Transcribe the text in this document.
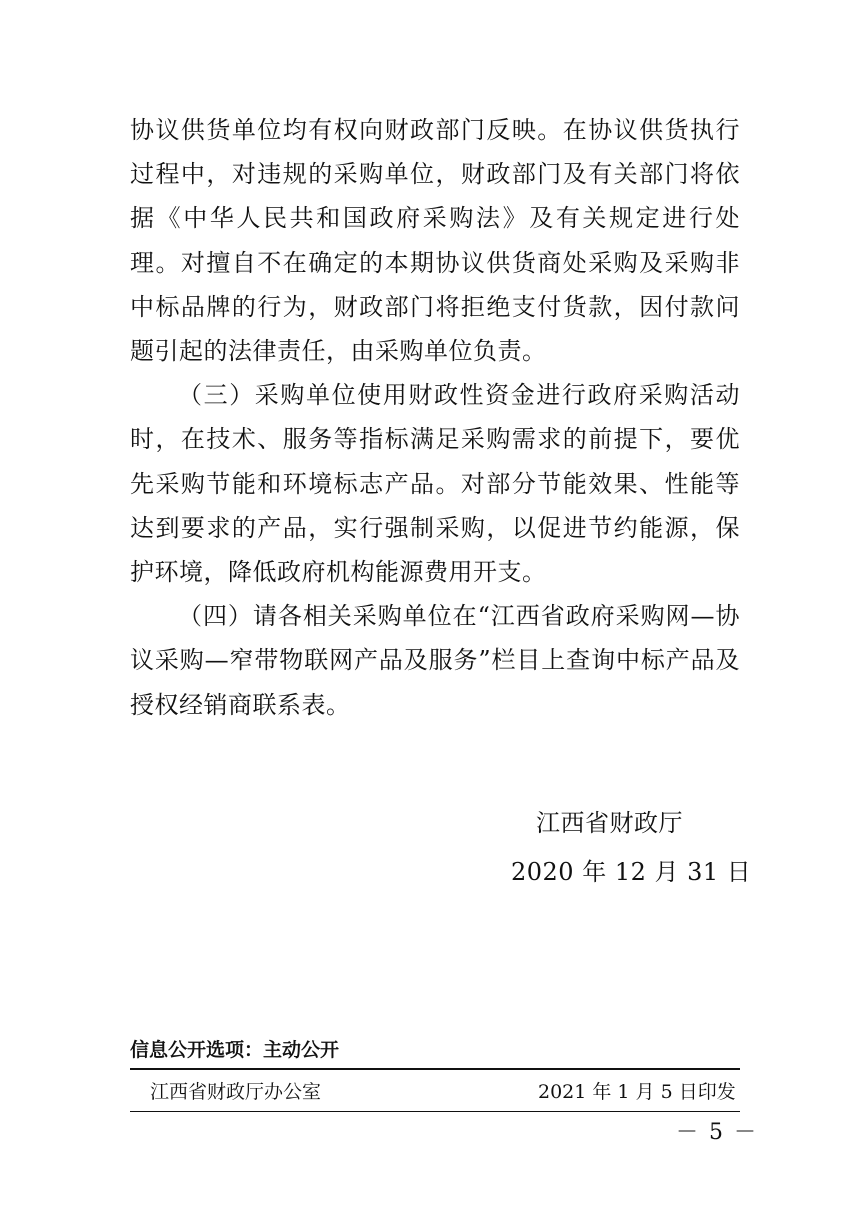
协议供货单位均有权向财政部门反映。在协议供货执行过程中，对违规的采购单位，财政部门及有关部门将依据《中华人民共和国政府采购法》及有关规定进行处理。对擅自不在确定的本期协议供货商处采购及采购非中标品牌的行为，财政部门将拒绝支付货款，因付款问题引起的法律责任，由采购单位负责。

（三）采购单位使用财政性资金进行政府采购活动时，在技术、服务等指标满足采购需求的前提下，要优先采购节能和环境标志产品。对部分节能效果、性能等达到要求的产品，实行强制采购，以促进节约能源，保护环境，降低政府机构能源费用开支。

（四）请各相关采购单位在“江西省政府采购网—协议采购—窄带物联网产品及服务”栏目上查询中标产品及授权经销商联系表。

江西省财政厅
2020 年 12 月 31 日
信息公开选项：主动公开
江西省财政厅办公室	2021 年 1 月 5 日印发
－ 5 －
